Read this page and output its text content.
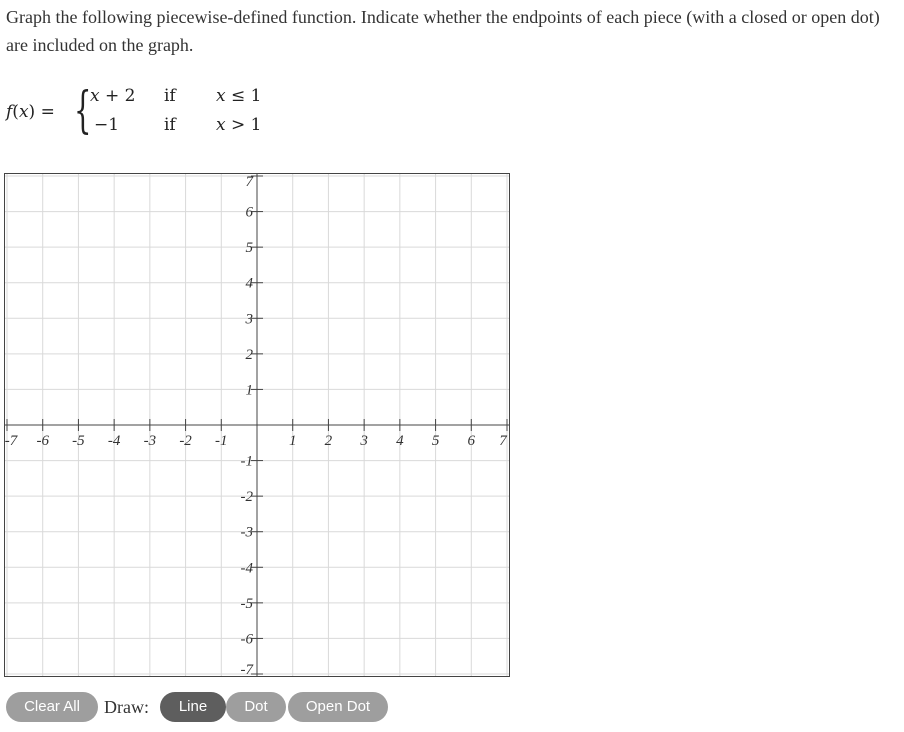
Graph the following piecewise-defined function. Indicate whether the endpoints of each piece (with a closed or open dot) are included on the graph.
f(x) = {
x + 2 if x ≤ 1
−1	if x > 1
-7 -6 -5 -4 -3 -2 -1	1 2 3 4 5 6 7
7
6
5
4
3
2
1
-1
-2
-3
-4
-5
-6
-7
Clear All	Draw:	Line	Dot	Open Dot
